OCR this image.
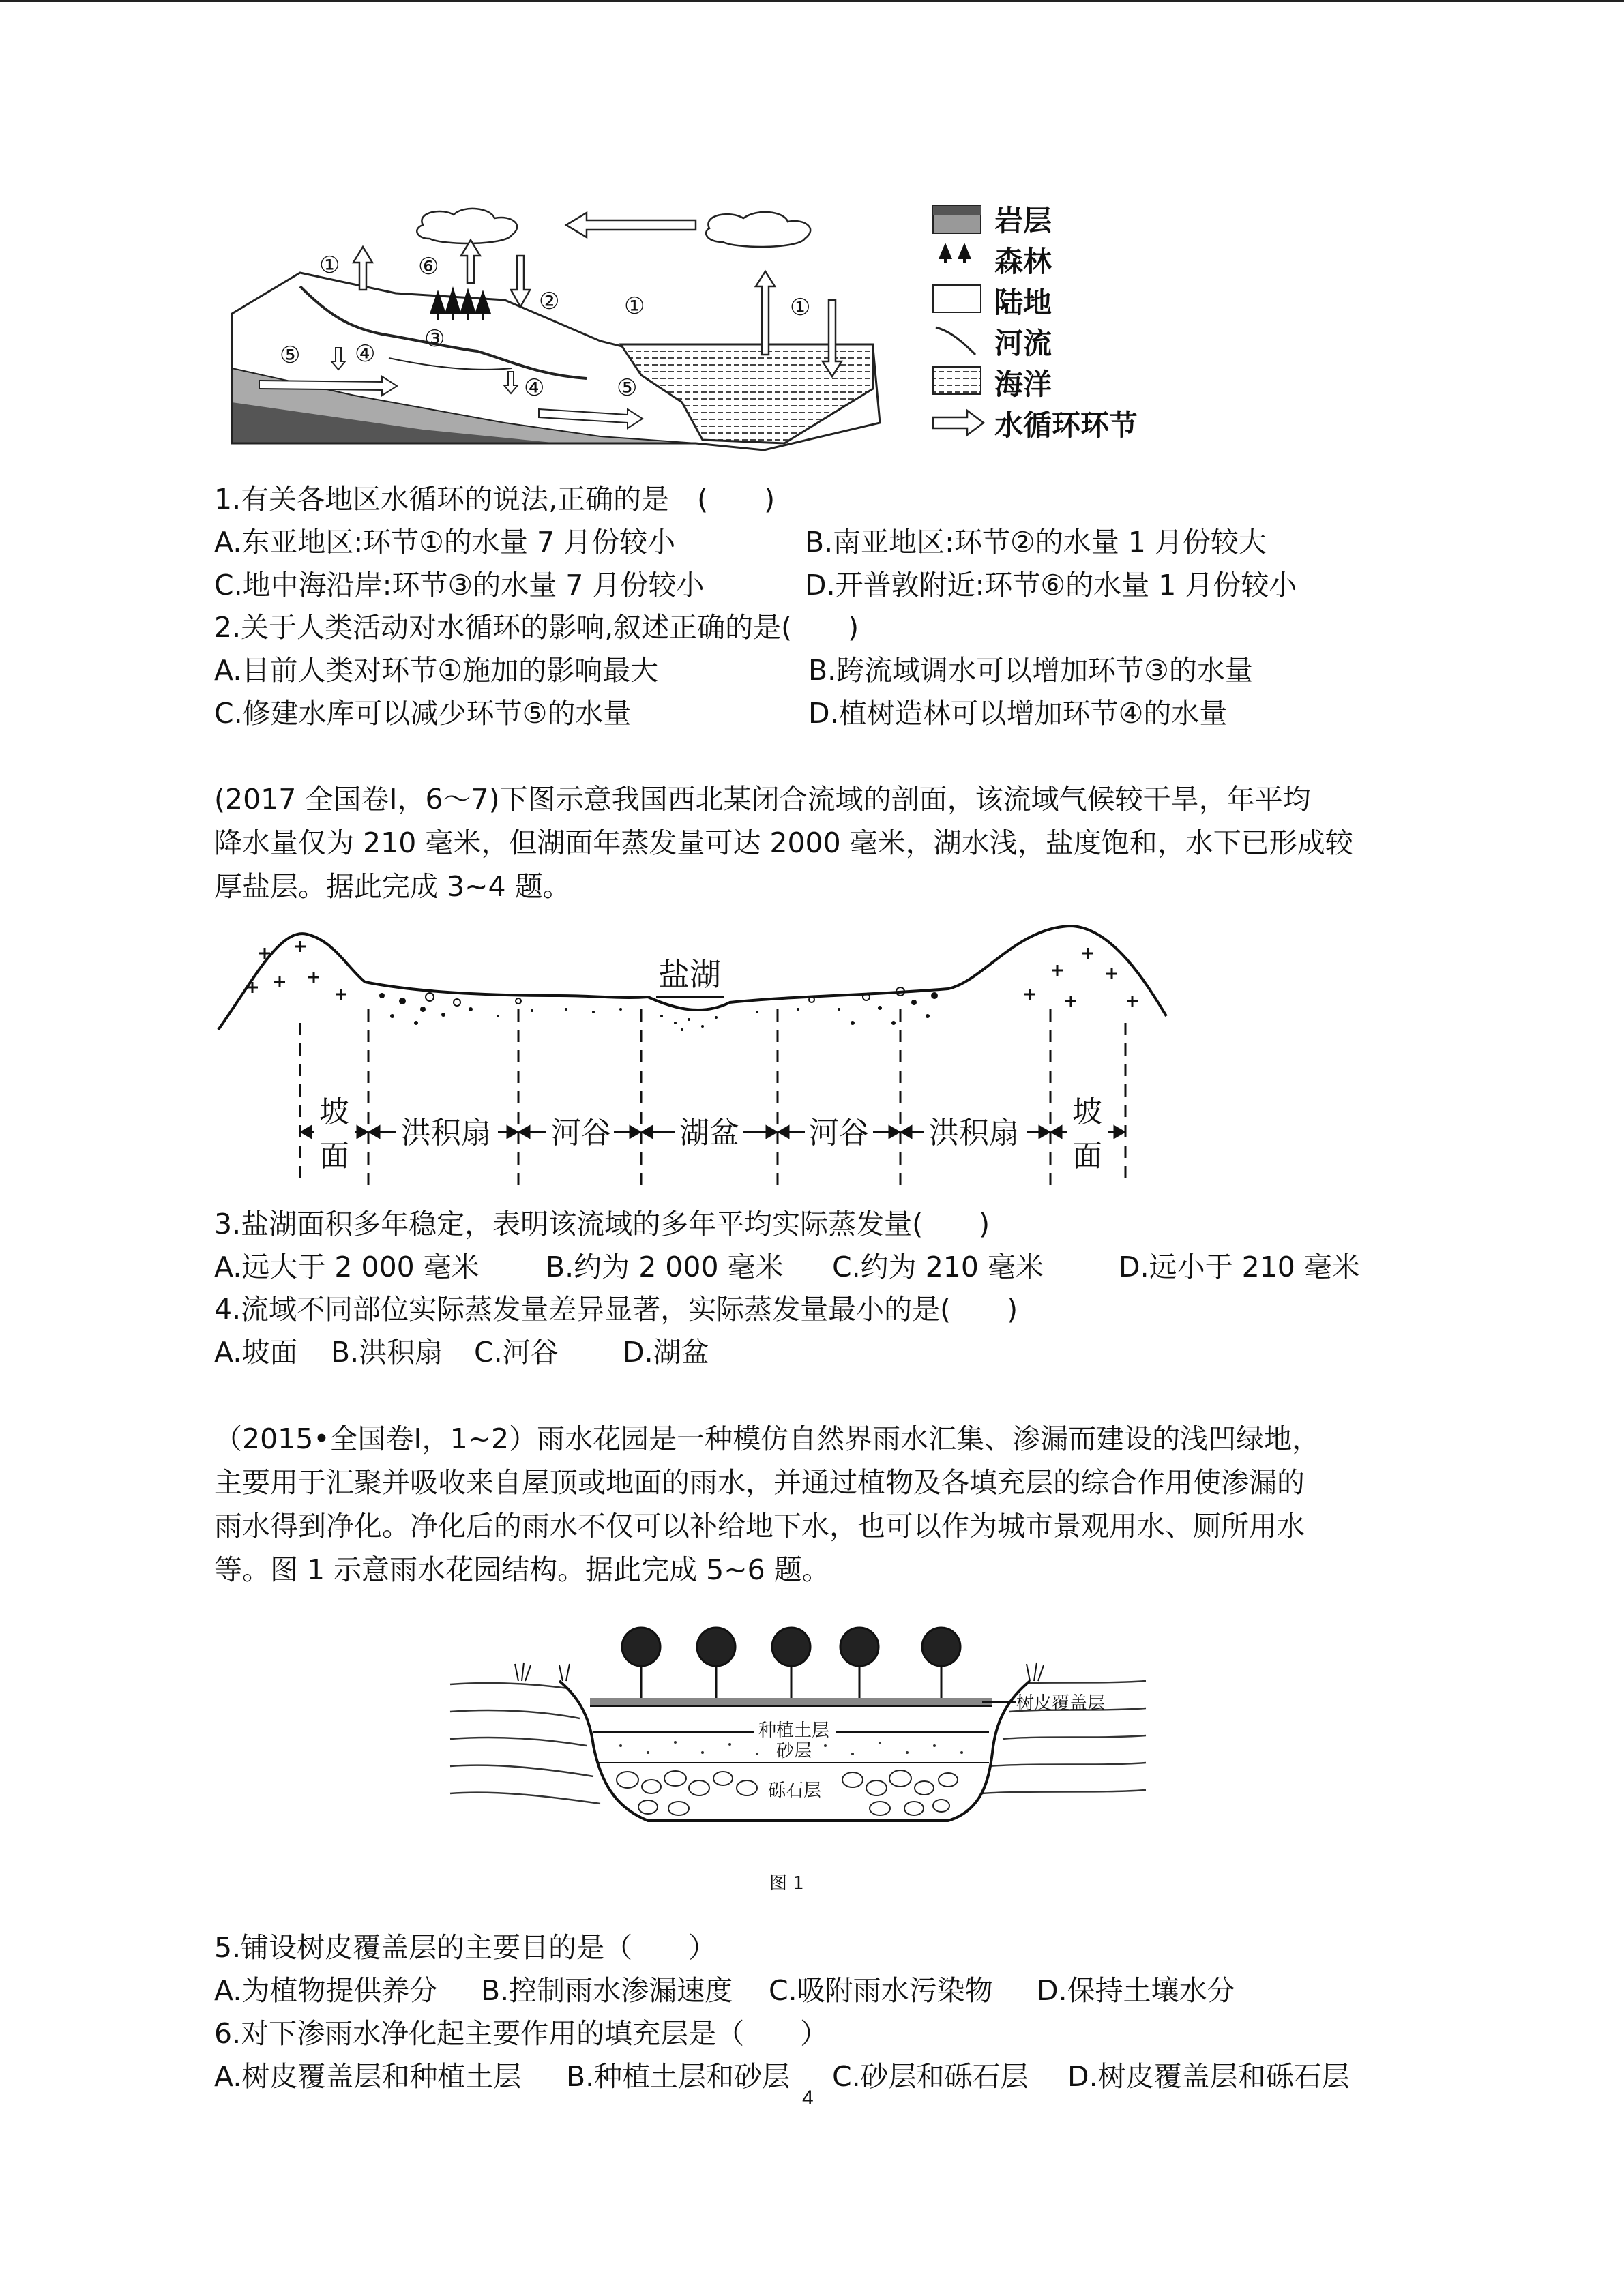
①
①	①
②
③
④
④
⑤
⑤
⑥
岩层
森林
陆地
河流
海洋
水循环环节
1.有关各地区水循环的说法,正确的是　(　　)
A.东亚地区:环节①的水量 7 月份较小	B.南亚地区:环节②的水量 1 月份较大
C.地中海沿岸:环节③的水量 7 月份较小	D.开普敦附近:环节⑥的水量 1 月份较小
2.关于人类活动对水循环的影响,叙述正确的是(　　)
A.目前人类对环节①施加的影响最大	B.跨流域调水可以增加环节③的水量
C.修建水库可以减少环节⑤的水量	D.植树造林可以增加环节④的水量
(2017 全国卷Ⅰ，6～7)下图示意我国西北某闭合流域的剖面，该流域气候较干旱，年平均
降水量仅为 210 毫米，但湖面年蒸发量可达 2000 毫米，湖水浅，盐度饱和，水下已形成较
厚盐层。据此完成 3~4 题。
盐湖
坡
面
洪积扇 河谷 湖盆 河谷 洪积扇
坡
面
3.盐湖面积多年稳定，表明该流域的多年平均实际蒸发量(　　)
A.远大于 2 000 毫米 B.约为 2 000 毫米 C.约为 210 毫米	D.远小于 210 毫米
4.流域不同部位实际蒸发量差异显著，实际蒸发量最小的是(　　)
A.坡面 B.洪积扇 C.河谷 D.湖盆
（2015•全国卷Ⅰ，1~2）雨水花园是一种模仿自然界雨水汇集、渗漏而建设的浅凹绿地，
主要用于汇聚并吸收来自屋顶或地面的雨水，并通过植物及各填充层的综合作用使渗漏的
雨水得到净化。净化后的雨水不仅可以补给地下水，也可以作为城市景观用水、厕所用水
等。图 1 示意雨水花园结构。据此完成 5~6 题。
种植土层
砂层
砾石层
树皮覆盖层
图 1
5.铺设树皮覆盖层的主要目的是（　　）
A.为植物提供养分 B.控制雨水渗漏速度 C.吸附雨水污染物 D.保持土壤水分
6.对下渗雨水净化起主要作用的填充层是（　　）
A.树皮覆盖层和种植土层 B.种植土层和砂层 C.砂层和砾石层 D.树皮覆盖层和砾石层
4
